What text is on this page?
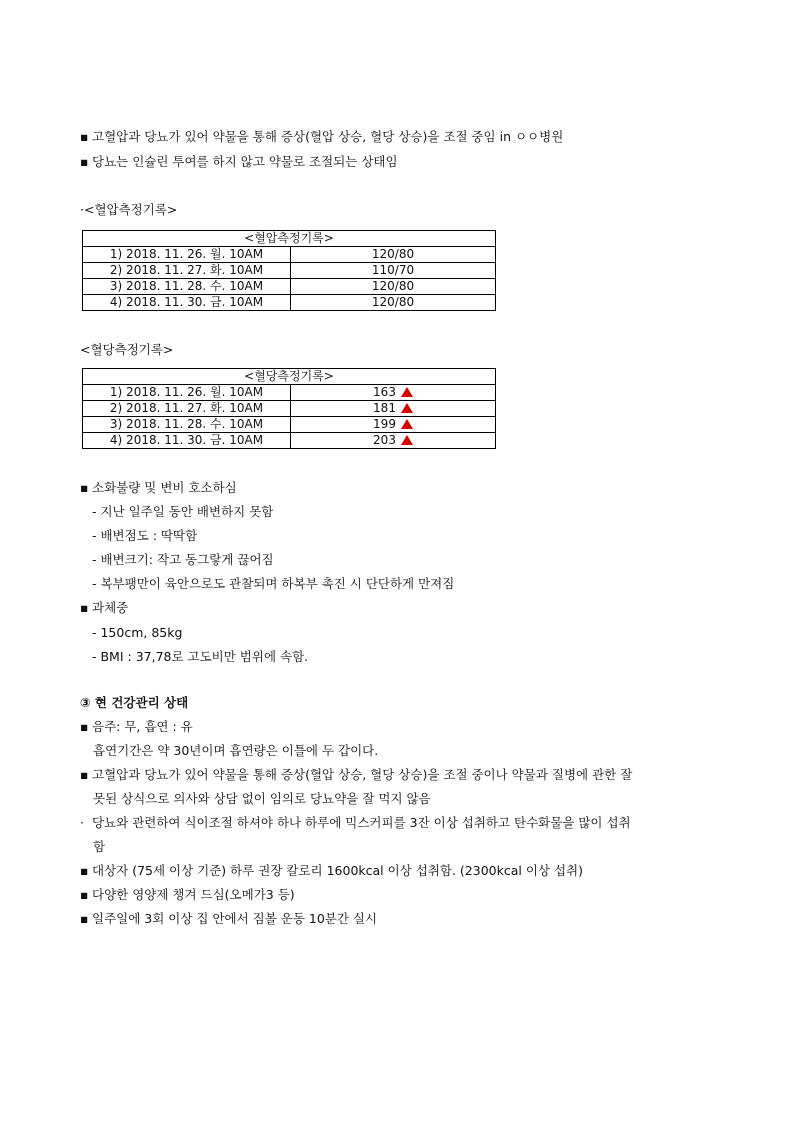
▪ 고혈압과 당뇨가 있어 약물을 통해 증상(혈압 상승, 혈당 상승)을 조절 중임 in ㅇㅇ병원
▪ 당뇨는 인슐린 투여를 하지 않고 약물로 조절되는 상태임
·<혈압측정기록>
<혈압측정기록>	
1) 2018. 11. 26. 월. 10AM	120/80
2) 2018. 11. 27. 화. 10AM	110/70
3) 2018. 11. 28. 수. 10AM	120/80
4) 2018. 11. 30. 금. 10AM	120/80
<혈당측정기록>
<혈당측정기록>	
1) 2018. 11. 26. 월. 10AM	163
2) 2018. 11. 27. 화. 10AM	181
3) 2018. 11. 28. 수. 10AM	199
4) 2018. 11. 30. 금. 10AM	203
▪ 소화불량 및 변비 호소하심
- 지난 일주일 동안 배변하지 못함
- 배변점도 : 딱딱함
- 배변크기: 작고 동그랗게 끊어짐
- 복부팽만이 육안으로도 관찰되며 하복부 촉진 시 단단하게 만져짐
▪ 과체중
- 150cm, 85kg
- BMI : 37,78로 고도비만 범위에 속함.
③ 현 건강관리 상태
▪ 음주: 무, 흡연 : 유
흡연기간은 약 30년이며 흡연량은 이틀에 두 갑이다.
▪ 고혈압과 당뇨가 있어 약물을 통해 증상(혈압 상승, 혈당 상승)을 조절 중이나 약물과 질병에 관한 잘
못된 상식으로 의사와 상담 없이 임의로 당뇨약을 잘 먹지 않음
· 당뇨와 관련하여 식이조절 하셔야 하나 하루에 믹스커피를 3잔 이상 섭취하고 탄수화물을 많이 섭취
함
▪ 대상자 (75세 이상 기준) 하루 권장 칼로리 1600kcal 이상 섭취함. (2300kcal 이상 섭취)
▪ 다양한 영양제 챙겨 드심(오메가3 등)
▪ 일주일에 3회 이상 집 안에서 짐볼 운동 10분간 실시
